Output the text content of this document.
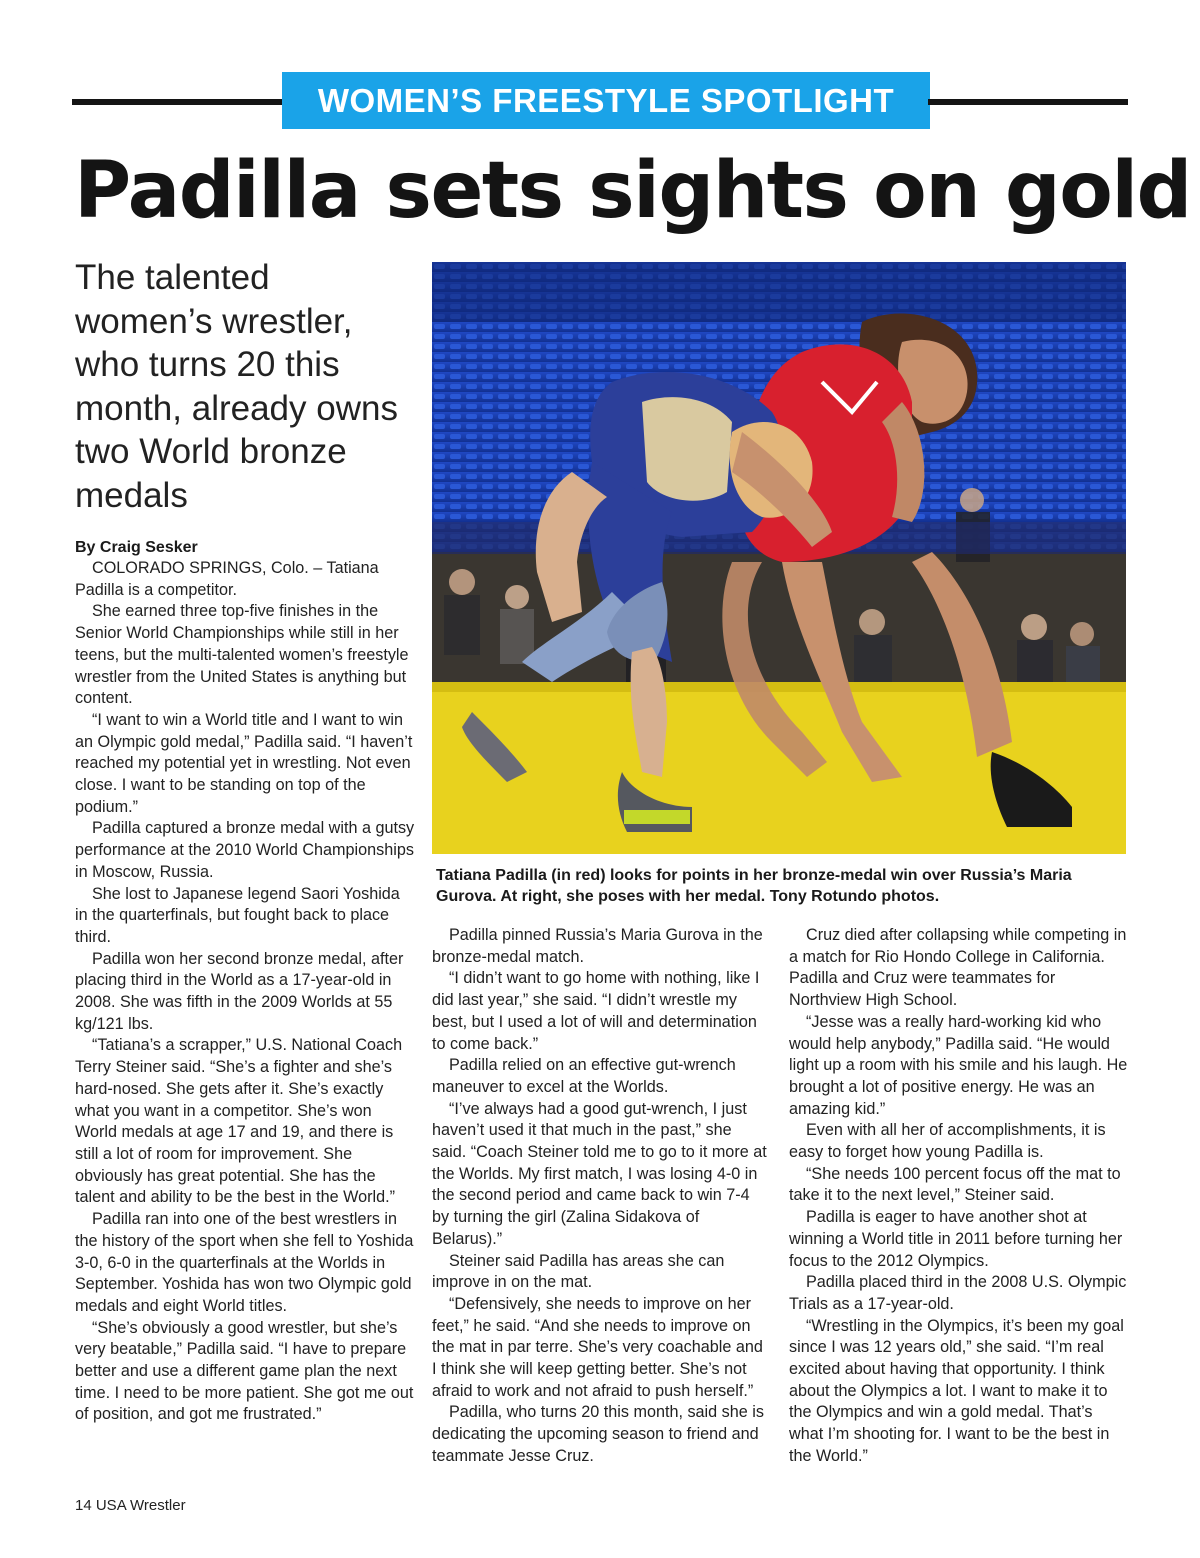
WOMEN’S FREESTYLE SPOTLIGHT
Padilla sets sights on gold
The talented women’s wrestler, who turns 20 this month, already owns two World bronze medals
By Craig Sesker
Tatiana Padilla (in red) looks for points in her bronze-medal win over Russia’s Maria Gurova. At right, she poses with her medal. Tony Rotundo photos.

COLORADO SPRINGS, Colo. – Tatiana Padilla is a competitor.

She earned three top-five finishes in the Senior World Championships while still in her teens, but the multi-talented women’s freestyle wrestler from the United States is anything but content.

“I want to win a World title and I want to win an Olympic gold medal,” Padilla said. “I haven’t reached my potential yet in wrestling. Not even close. I want to be standing on top of the podium.”

Padilla captured a bronze medal with a gutsy performance at the 2010 World Championships in Moscow, Russia.

She lost to Japanese legend Saori Yoshida in the quarterfinals, but fought back to place third.

Padilla won her second bronze medal, after placing third in the World as a 17-year-old in 2008. She was fifth in the 2009 Worlds at 55 kg/121 lbs.

“Tatiana’s a scrapper,” U.S. National Coach Terry Steiner said. “She’s a fighter and she’s hard-nosed. She gets after it. She’s exactly what you want in a competitor. She’s won World medals at age 17 and 19, and there is still a lot of room for improvement. She obviously has great potential. She has the talent and ability to be the best in the World.”

Padilla ran into one of the best wrestlers in the history of the sport when she fell to Yoshida 3-0, 6-0 in the quarterfinals at the Worlds in September. Yoshida has won two Olympic gold medals and eight World titles.

“She’s obviously a good wrestler, but she’s very beatable,” Padilla said. “I have to prepare better and use a different game plan the next time. I need to be more patient. She got me out of position, and got me frustrated.”

Padilla pinned Russia’s Maria Gurova in the bronze-medal match.

“I didn’t want to go home with nothing, like I did last year,” she said. “I didn’t wrestle my best, but I used a lot of will and determination to come back.”

Padilla relied on an effective gut-wrench maneuver to excel at the Worlds.

“I’ve always had a good gut-wrench, I just haven’t used it that much in the past,” she said. “Coach Steiner told me to go to it more at the Worlds. My first match, I was losing 4-0 in the second period and came back to win 7-4 by turning the girl (Zalina Sidakova of Belarus).”

Steiner said Padilla has areas she can improve in on the mat.

“Defensively, she needs to improve on her feet,” he said. “And she needs to improve on the mat in par terre. She’s very coachable and I think she will keep getting better. She’s not afraid to work and not afraid to push herself.”

Padilla, who turns 20 this month, said she is dedicating the upcoming season to friend and teammate Jesse Cruz.

Cruz died after collapsing while competing in a match for Rio Hondo College in California. Padilla and Cruz were teammates for Northview High School.

“Jesse was a really hard-working kid who would help anybody,” Padilla said. “He would light up a room with his smile and his laugh. He brought a lot of positive energy. He was an amazing kid.”

Even with all her of accomplishments, it is easy to forget how young Padilla is.

“She needs 100 percent focus off the mat to take it to the next level,” Steiner said.

Padilla is eager to have another shot at winning a World title in 2011 before turning her focus to the 2012 Olympics.

Padilla placed third in the 2008 U.S. Olympic Trials as a 17-year-old.

“Wrestling in the Olympics, it’s been my goal since I was 12 years old,” she said. “I’m real excited about having that opportunity. I think about the Olympics a lot. I want to make it to the Olympics and win a gold medal. That’s what I’m shooting for. I want to be the best in the World.”

14 USA Wrestler
